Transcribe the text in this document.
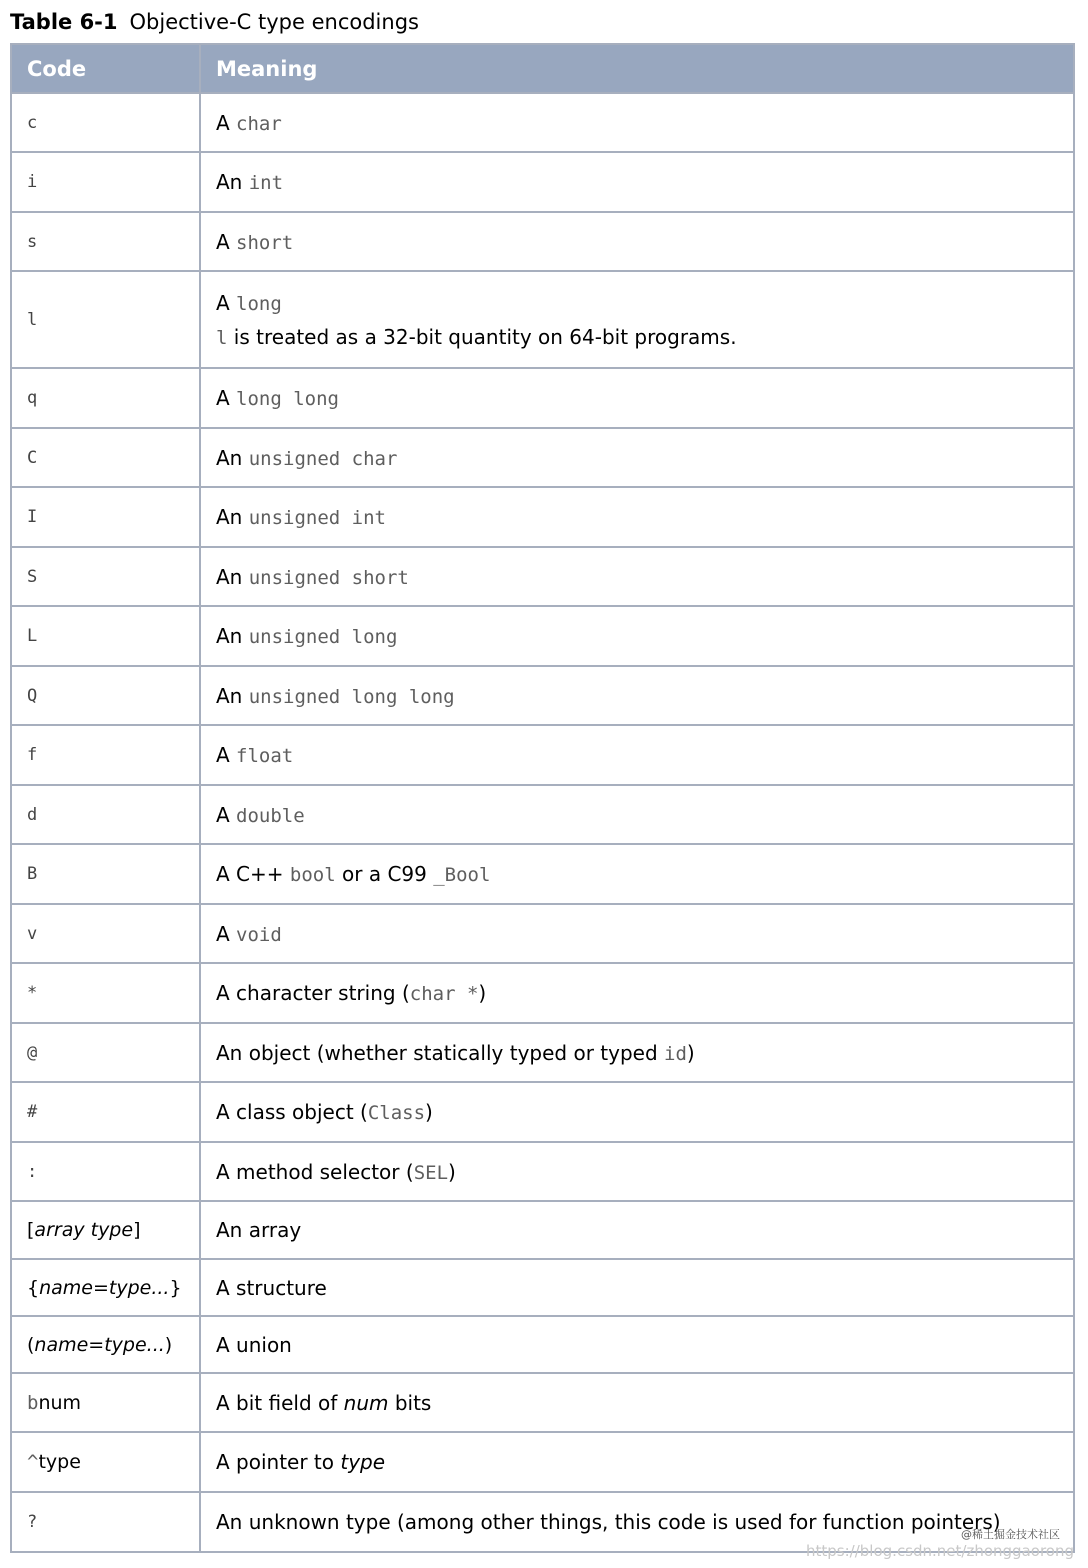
Table 6-1 Objective-C type encodings
Code	Meaning
c	A char
i	An int
s	A short
l	A long
l is treated as a 32-bit quantity on 64-bit programs.

q	A long long
C	An unsigned char
I	An unsigned int
S	An unsigned short
L	An unsigned long
Q	An unsigned long long
f	A float
d	A double
B	A C++ bool or a C99 _Bool
v	A void
*	A character string (char *)
@	An object (whether statically typed or typed id)
#	A class object (Class)
:	A method selector (SEL)
[array type]	An array
{name=type...}	A structure
(name=type...)	A union
bnum	A bit field of num bits
^type	A pointer to type
?	An unknown type (among other things, this code is used for function pointers)
@稀土掘金技术社区
https://blog.csdn.net/zhonggaorong
